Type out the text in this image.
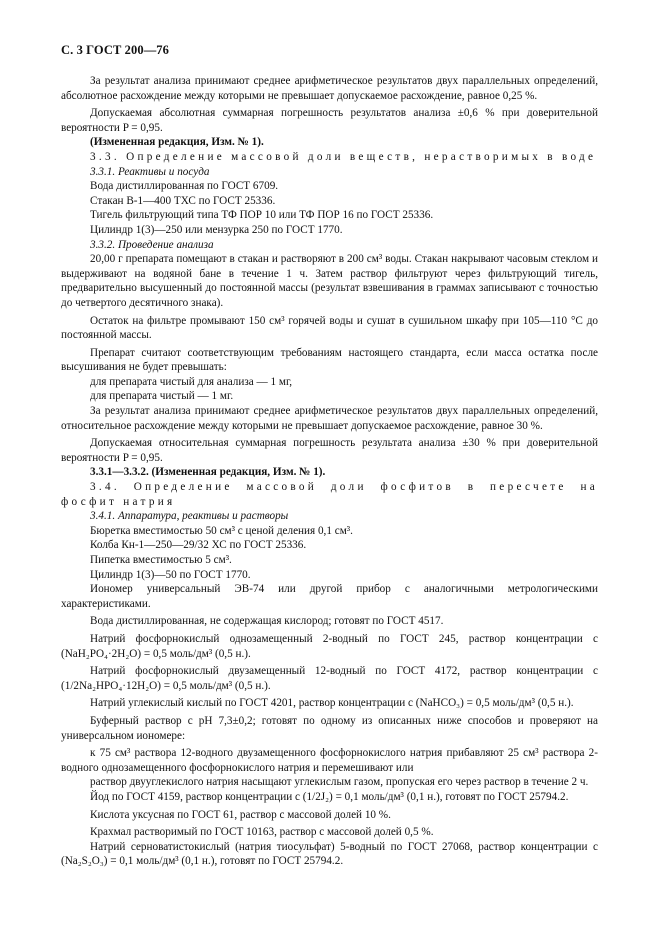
С. 3 ГОСТ 200—76

За результат анализа принимают среднее арифметическое результатов двух параллельных определений, абсолютное расхождение между которыми не превышает допускаемое расхождение, равное 0,25 %.

Допускаемая абсолютная суммарная погрешность результатов анализа ±0,6 % при доверительной вероятности P = 0,95.

(Измененная редакция, Изм. № 1).

3.3. Определение массовой доли веществ, нерастворимых в воде

3.3.1. Реактивы и посуда

Вода дистиллированная по ГОСТ 6709.

Стакан В-1—400 ТХС по ГОСТ 25336.

Тигель фильтрующий типа ТФ ПОР 10 или ТФ ПОР 16 по ГОСТ 25336.

Цилиндр 1(3)—250 или мензурка 250 по ГОСТ 1770.

3.3.2. Проведение анализа

20,00 г препарата помещают в стакан и растворяют в 200 см³ воды. Стакан накрывают часовым стеклом и выдерживают на водяной бане в течение 1 ч. Затем раствор фильтруют через фильтрующий тигель, предварительно высушенный до постоянной массы (результат взвешивания в граммах записывают с точностью до четвертого десятичного знака).

Остаток на фильтре промывают 150 см³ горячей воды и сушат в сушильном шкафу при 105—110 °С до постоянной массы.

Препарат считают соответствующим требованиям настоящего стандарта, если масса остатка после высушивания не будет превышать:

для препарата чистый для анализа — 1 мг,

для препарата чистый — 1 мг.

За результат анализа принимают среднее арифметическое результатов двух параллельных определений, относительное расхождение между которыми не превышает допускаемое расхождение, равное 30 %.

Допускаемая относительная суммарная погрешность результата анализа ±30 % при доверительной вероятности P = 0,95.

3.3.1—3.3.2. (Измененная редакция, Изм. № 1).

3.4. Определение массовой доли фосфитов в пересчете на фосфит натрия

3.4.1. Аппаратура, реактивы и растворы

Бюретка вместимостью 50 см³ с ценой деления 0,1 см³.

Колба Кн-1—250—29/32 ХС по ГОСТ 25336.

Пипетка вместимостью 5 см³.

Цилиндр 1(3)—50 по ГОСТ 1770.

Иономер универсальный ЭВ-74 или другой прибор с аналогичными метрологическими характеристиками.

Вода дистиллированная, не содержащая кислород; готовят по ГОСТ 4517.

Натрий фосфорнокислый однозамещенный 2-водный по ГОСТ 245, раствор концентрации c (NaH₂PO₄·2H₂O) = 0,5 моль/дм³ (0,5 н.).

Натрий фосфорнокислый двузамещенный 12-водный по ГОСТ 4172, раствор концентрации c (1/2Na₂HPO₄·12H₂O) = 0,5 моль/дм³ (0,5 н.).

Натрий углекислый кислый по ГОСТ 4201, раствор концентрации c (NaHCO₃) = 0,5 моль/дм³ (0,5 н.).

Буферный раствор с рН 7,3±0,2; готовят по одному из описанных ниже способов и проверяют на универсальном иономере:

к 75 см³ раствора 12-водного двузамещенного фосфорнокислого натрия прибавляют 25 см³ раствора 2-водного однозамещенного фосфорнокислого натрия и перемешивают или

раствор двууглекислого натрия насыщают углекислым газом, пропуская его через раствор в течение 2 ч.

Йод по ГОСТ 4159, раствор концентрации c (1/2J₂) = 0,1 моль/дм³ (0,1 н.), готовят по ГОСТ 25794.2.

Кислота уксусная по ГОСТ 61, раствор с массовой долей 10 %.

Крахмал растворимый по ГОСТ 10163, раствор с массовой долей 0,5 %.

Натрий серноватистокислый (натрия тиосульфат) 5-водный по ГОСТ 27068, раствор концентрации c (Na₂S₂O₃) = 0,1 моль/дм³ (0,1 н.), готовят по ГОСТ 25794.2.
